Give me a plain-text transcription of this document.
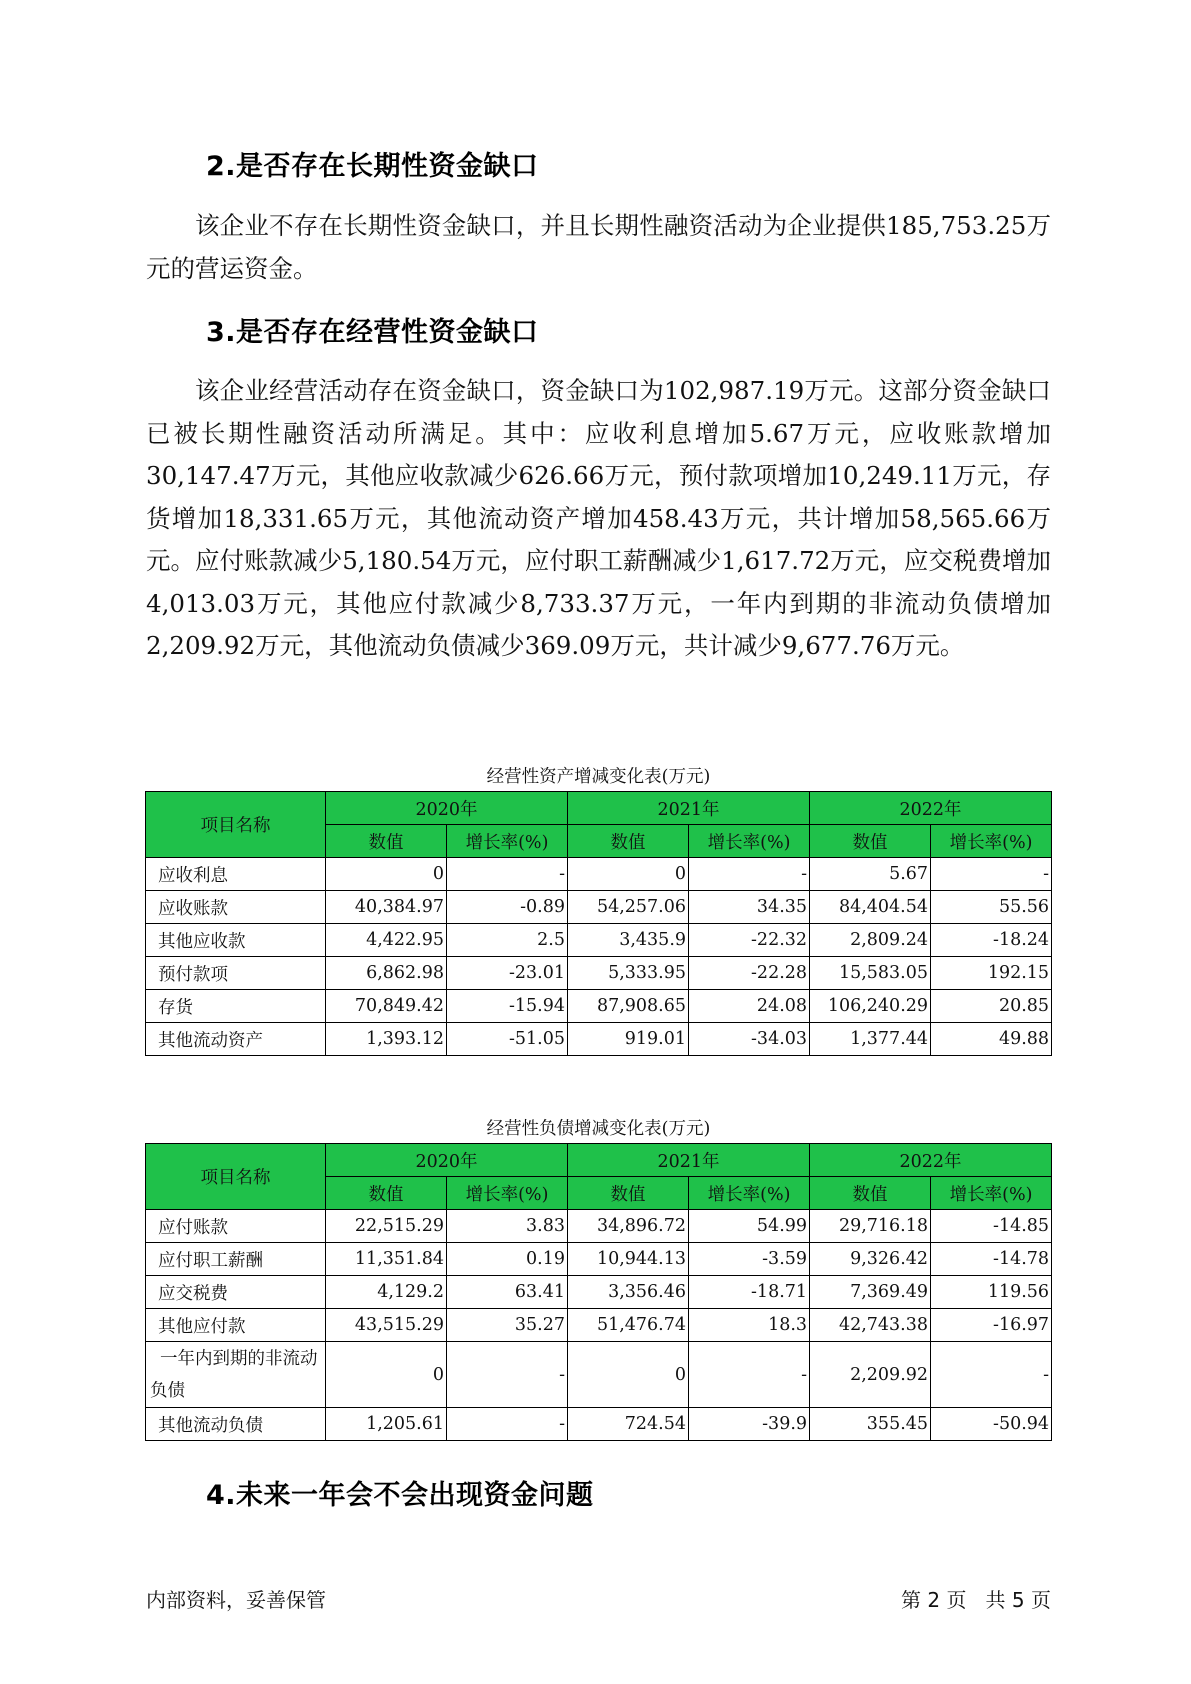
2.是否存在长期性资金缺口
该企业不存在长期性资金缺口，并且长期性融资活动为企业提供185,753.25万元的营运资金。
3.是否存在经营性资金缺口
该企业经营活动存在资金缺口，资金缺口为102,987.19万元。这部分资金缺口已被长期性融资活动所满足。其中：应收利息增加5.67万元，应收账款增加30,147.47万元，其他应收款减少626.66万元，预付款项增加10,249.11万元，存货增加18,331.65万元，其他流动资产增加458.43万元，共计增加58,565.66万元。应付账款减少5,180.54万元，应付职工薪酬减少1,617.72万元，应交税费增加4,013.03万元，其他应付款减少8,733.37万元，一年内到期的非流动负债增加2,209.92万元，其他流动负债减少369.09万元，共计减少9,677.76万元。
经营性资产增减变化表(万元)
项目名称	2020年		2021年		2022年	
	数值	增长率(%)	数值	增长率(%)	数值	增长率(%)
应收利息	0	-	0	-	5.67	-
应收账款	40,384.97	-0.89	54,257.06	34.35	84,404.54	55.56
其他应收款	4,422.95	2.5	3,435.9	-22.32	2,809.24	-18.24
预付款项	6,862.98	-23.01	5,333.95	-22.28	15,583.05	192.15
存货	70,849.42	-15.94	87,908.65	24.08	106,240.29	20.85
其他流动资产	1,393.12	-51.05	919.01	-34.03	1,377.44	49.88
经营性负债增减变化表(万元)
项目名称	2020年		2021年		2022年	
	数值	增长率(%)	数值	增长率(%)	数值	增长率(%)
应付账款	22,515.29	3.83	34,896.72	54.99	29,716.18	-14.85
应付职工薪酬	11,351.84	0.19	10,944.13	-3.59	9,326.42	-14.78
应交税费	4,129.2	63.41	3,356.46	-18.71	7,369.49	119.56
其他应付款	43,515.29	35.27	51,476.74	18.3	42,743.38	-16.97
一年内到期的非流动负债	0	-	0	-	2,209.92	-
其他流动负债	1,205.61	-	724.54	-39.9	355.45	-50.94
4.未来一年会不会出现资金问题
内部资料，妥善保管	第 2 页   共 5 页
